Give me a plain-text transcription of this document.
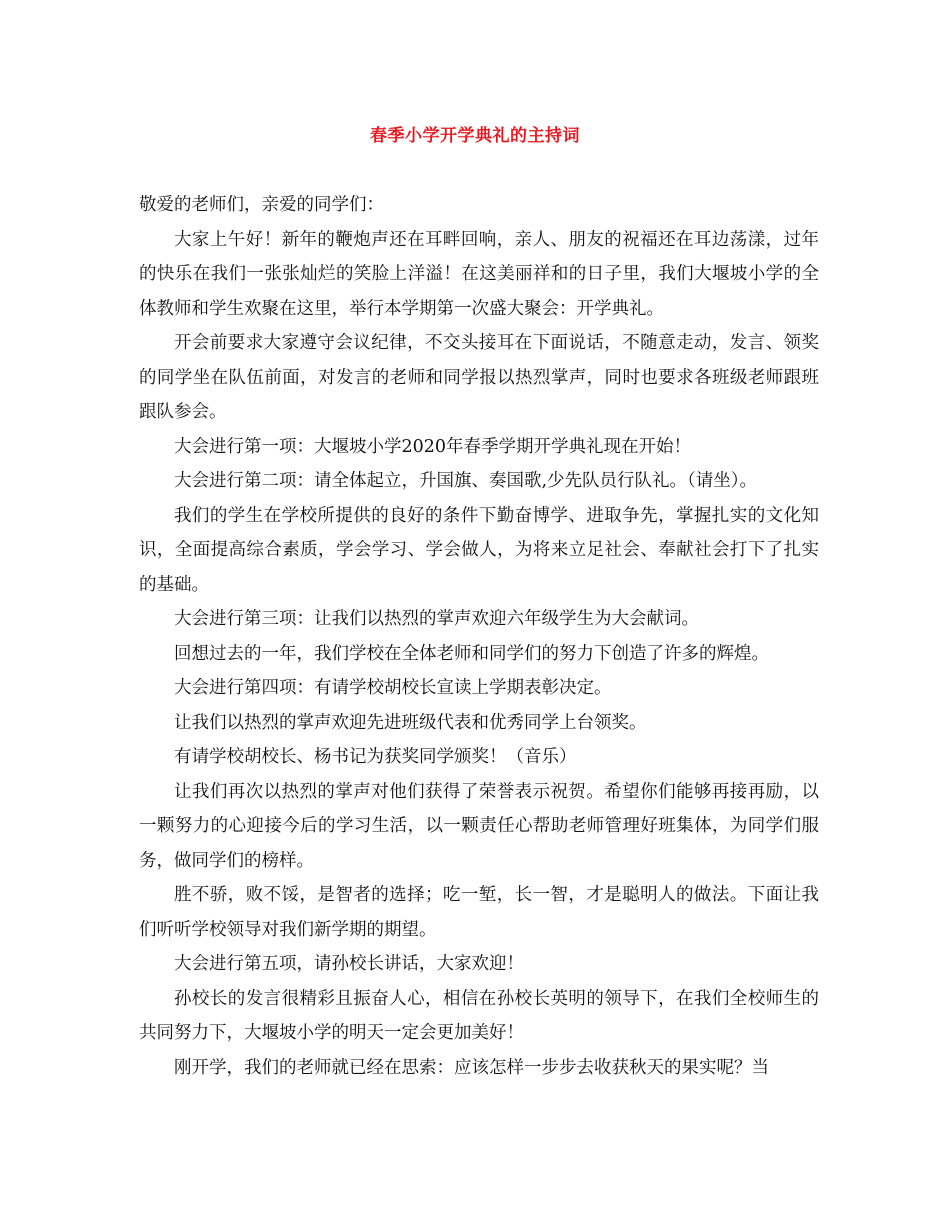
春季小学开学典礼的主持词

敬爱的老师们，亲爱的同学们：

大家上午好！新年的鞭炮声还在耳畔回响，亲人、朋友的祝福还在耳边荡漾，过年的快乐在我们一张张灿烂的笑脸上洋溢！在这美丽祥和的日子里，我们大堰坡小学的全体教师和学生欢聚在这里，举行本学期第一次盛大聚会：开学典礼。

开会前要求大家遵守会议纪律，不交头接耳在下面说话，不随意走动，发言、领奖的同学坐在队伍前面，对发言的老师和同学报以热烈掌声，同时也要求各班级老师跟班跟队参会。

大会进行第一项：大堰坡小学2020年春季学期开学典礼现在开始！

大会进行第二项：请全体起立，升国旗、奏国歌,少先队员行队礼。（请坐）。

我们的学生在学校所提供的良好的条件下勤奋博学、进取争先，掌握扎实的文化知识，全面提高综合素质，学会学习、学会做人，为将来立足社会、奉献社会打下了扎实的基础。

大会进行第三项：让我们以热烈的掌声欢迎六年级学生为大会献词。

回想过去的一年，我们学校在全体老师和同学们的努力下创造了许多的辉煌。

大会进行第四项：有请学校胡校长宣读上学期表彰决定。

让我们以热烈的掌声欢迎先进班级代表和优秀同学上台领奖。

有请学校胡校长、杨书记为获奖同学颁奖！（音乐）

让我们再次以热烈的掌声对他们获得了荣誉表示祝贺。希望你们能够再接再励，以一颗努力的心迎接今后的学习生活，以一颗责任心帮助老师管理好班集体，为同学们服务，做同学们的榜样。

胜不骄，败不馁，是智者的选择；吃一堑，长一智，才是聪明人的做法。下面让我们听听学校领导对我们新学期的期望。

大会进行第五项，请孙校长讲话，大家欢迎！

孙校长的发言很精彩且振奋人心，相信在孙校长英明的领导下，在我们全校师生的共同努力下，大堰坡小学的明天一定会更加美好！

刚开学，我们的老师就已经在思索：应该怎样一步步去收获秋天的果实呢？当
